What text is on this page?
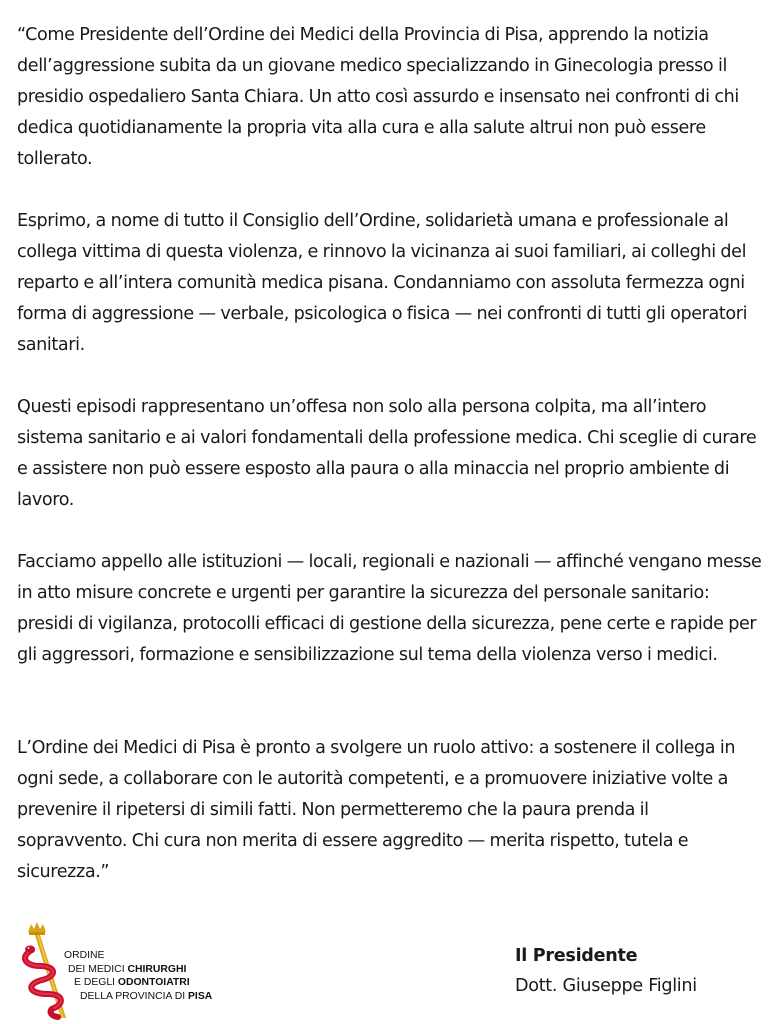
“Come Presidente dell’Ordine dei Medici della Provincia di Pisa, apprendo la notizia dell’aggressione subita da un giovane medico specializzando in Ginecologia presso il presidio ospedaliero Santa Chiara. Un atto così assurdo e insensato nei confronti di chi dedica quotidianamente la propria vita alla cura e alla salute altrui non può essere tollerato.

Esprimo, a nome di tutto il Consiglio dell’Ordine, solidarietà umana e professionale al collega vittima di questa violenza, e rinnovo la vicinanza ai suoi familiari, ai colleghi del reparto e all’intera comunità medica pisana. Condanniamo con assoluta fermezza ogni forma di aggressione — verbale, psicologica o fisica — nei confronti di tutti gli operatori sanitari.

Questi episodi rappresentano un’offesa non solo alla persona colpita, ma all’intero sistema sanitario e ai valori fondamentali della professione medica. Chi sceglie di curare e assistere non può essere esposto alla paura o alla minaccia nel proprio ambiente di lavoro.

Facciamo appello alle istituzioni — locali, regionali e nazionali — affinché vengano messe in atto misure concrete e urgenti per garantire la sicurezza del personale sanitario: presidi di vigilanza, protocolli efficaci di gestione della sicurezza, pene certe e rapide per gli aggressori, formazione e sensibilizzazione sul tema della violenza verso i medici.

L’Ordine dei Medici di Pisa è pronto a svolgere un ruolo attivo: a sostenere il collega in ogni sede, a collaborare con le autorità competenti, e a promuovere iniziative volte a prevenire il ripetersi di simili fatti. Non permetteremo che la paura prenda il sopravvento. Chi cura non merita di essere aggredito — merita rispetto, tutela e sicurezza.”

ORDINE
DEI MEDICI CHIRURGHI
E DEGLI ODONTOIATRI
DELLA PROVINCIA DI PISA
Il Presidente
Dott. Giuseppe Figlini
